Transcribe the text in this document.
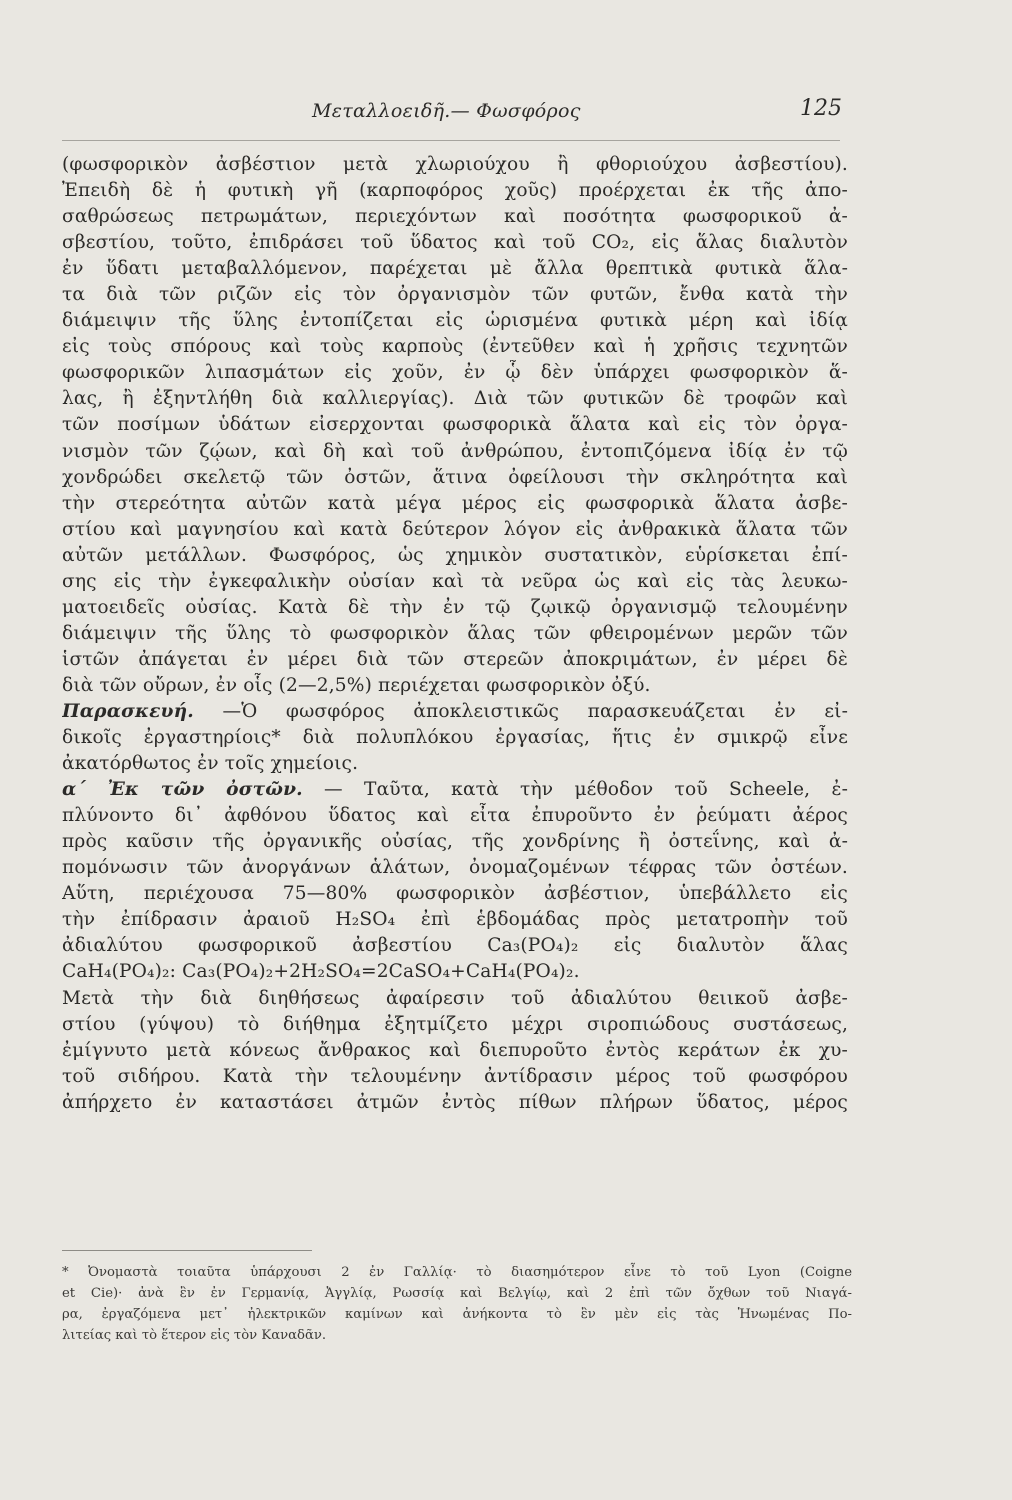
Μεταλλοειδῆ.— Φωσφόρος	125
(φωσφορικὸν ἀσβέστιον μετὰ χλωριούχου ἢ φθοριούχου ἀσβεστίου).
Ἐπειδὴ δὲ ἡ φυτικὴ γῆ (καρποφόρος χοῦς) προέρχεται ἐκ τῆς ἀπο-
σαθρώσεως πετρωμάτων, περιεχόντων καὶ ποσότητα φωσφορικοῦ ἀ-
σβεστίου, τοῦτο, ἐπιδράσει τοῦ ὕδατος καὶ τοῦ CO₂, εἰς ἅλας διαλυτὸν
ἐν ὕδατι μεταβαλλόμενον, παρέχεται μὲ ἄλλα θρεπτικὰ φυτικὰ ἅλα-
τα διὰ τῶν ριζῶν εἰς τὸν ὀργανισμὸν τῶν φυτῶν, ἔνθα κατὰ τὴν
διάμειψιν τῆς ὕλης ἐντοπίζεται εἰς ὡρισμένα φυτικὰ μέρη καὶ ἰδίᾳ
εἰς τοὺς σπόρους καὶ τοὺς καρποὺς (ἐντεῦθεν καὶ ἡ χρῆσις τεχνητῶν
φωσφορικῶν λιπασμάτων εἰς χοῦν, ἐν ᾧ δὲν ὑπάρχει φωσφορικὸν ἅ-
λας, ἢ ἐξηντλήθη διὰ καλλιεργίας). Διὰ τῶν φυτικῶν δὲ τροφῶν καὶ
τῶν ποσίμων ὑδάτων εἰσερχονται φωσφορικὰ ἅλατα καὶ εἰς τὸν ὀργα-
νισμὸν τῶν ζῴων, καὶ δὴ καὶ τοῦ ἀνθρώπου, ἐντοπιζόμενα ἰδίᾳ ἐν τῷ
χονδρώδει σκελετῷ τῶν ὀστῶν, ἅτινα ὀφείλουσι τὴν σκληρότητα καὶ
τὴν στερεότητα αὐτῶν κατὰ μέγα μέρος εἰς φωσφορικὰ ἅλατα ἀσβε-
στίου καὶ μαγνησίου καὶ κατὰ δεύτερον λόγον εἰς ἀνθρακικὰ ἅλατα τῶν
αὐτῶν μετάλλων. Φωσφόρος, ὡς χημικὸν συστατικὸν, εὑρίσκεται ἐπί-
σης εἰς τὴν ἐγκεφαλικὴν οὐσίαν καὶ τὰ νεῦρα ὡς καὶ εἰς τὰς λευκω-
ματοειδεῖς οὐσίας. Κατὰ δὲ τὴν ἐν τῷ ζῳικῷ ὀργανισμῷ τελουμένην
διάμειψιν τῆς ὕλης τὸ φωσφορικὸν ἅλας τῶν φθειρομένων μερῶν τῶν
ἱστῶν ἀπάγεται ἐν μέρει διὰ τῶν στερεῶν ἀποκριμάτων, ἐν μέρει δὲ
διὰ τῶν οὔρων, ἐν οἷς (2—2,5%) περιέχεται φωσφορικὸν ὀξύ.
Παρασκευή. —Ὁ φωσφόρος ἀποκλειστικῶς παρασκευάζεται ἐν εἰ-
δικοῖς ἐργαστηρίοις* διὰ πολυπλόκου ἐργασίας, ἥτις ἐν σμικρῷ εἶνε
ἀκατόρθωτος ἐν τοῖς χημείοις.
α΄ Ἐκ τῶν ὀστῶν. — Ταῦτα, κατὰ τὴν μέθοδον τοῦ Scheele, ἐ-
πλύνοντο δι᾽ ἀφθόνου ὕδατος καὶ εἶτα ἐπυροῦντο ἐν ῥεύματι ἀέρος
πρὸς καῦσιν τῆς ὀργανικῆς οὐσίας, τῆς χονδρίνης ἢ ὀστεΐνης, καὶ ἀ-
πομόνωσιν τῶν ἀνοργάνων ἁλάτων, ὀνομαζομένων τέφρας τῶν ὀστέων.
Αὕτη, περιέχουσα 75—80% φωσφορικὸν ἀσβέστιον, ὑπεβάλλετο εἰς
τὴν ἐπίδρασιν ἀραιοῦ H₂SO₄ ἐπὶ ἑβδομάδας πρὸς μετατροπὴν τοῦ
ἀδιαλύτου φωσφορικοῦ ἀσβεστίου Ca₃(PO₄)₂ εἰς διαλυτὸν ἅλας
CaH₄(PO₄)₂: Ca₃(PO₄)₂+2H₂SO₄=2CaSO₄+CaH₄(PO₄)₂.
Μετὰ τὴν διὰ διηθήσεως ἀφαίρεσιν τοῦ ἀδιαλύτου θειικοῦ ἀσβε-
στίου (γύψου) τὸ διήθημα ἐξητμίζετο μέχρι σιροπιώδους συστάσεως,
ἐμίγνυτο μετὰ κόνεως ἄνθρακος καὶ διεπυροῦτο ἐντὸς κεράτων ἐκ χυ-
τοῦ σιδήρου. Κατὰ τὴν τελουμένην ἀντίδρασιν μέρος τοῦ φωσφόρου
ἀπήρχετο ἐν καταστάσει ἀτμῶν ἐντὸς πίθων πλήρων ὕδατος, μέρος
* Ὀνομαστὰ τοιαῦτα ὑπάρχουσι 2 ἐν Γαλλίᾳ· τὸ διασημότερον εἶνε τὸ τοῦ Lyon (Coigne
et Cie)· ἀνὰ ἓν ἐν Γερμανίᾳ, Ἀγγλίᾳ, Ρωσσίᾳ καὶ Βελγίῳ, καὶ 2 ἐπὶ τῶν ὄχθων τοῦ Νιαγά-
ρα, ἐργαζόμενα μετ᾽ ἠλεκτρικῶν καμίνων καὶ ἀνήκοντα τὸ ἓν μὲν εἰς τὰς Ἡνωμένας Πο-
λιτείας καὶ τὸ ἕτερον εἰς τὸν Καναδᾶν.
